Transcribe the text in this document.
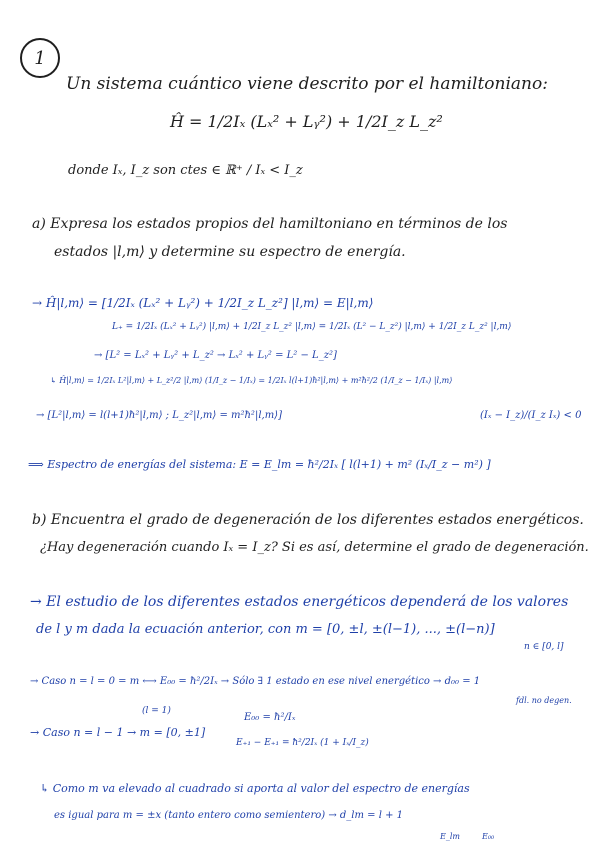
1
Un sistema cuántico viene descrito por el hamiltoniano:
Ĥ = 1/2Iₓ (Lₓ² + Lᵧ²) + 1/2I_z L_z²
donde Iₓ, I_z son ctes ∈ ℝ⁺ / Iₓ < I_z
a) Expresa los estados propios del hamiltoniano en términos de los
estados |l,m⟩ y determine su espectro de energía.
→ Ĥ|l,m⟩ = [1/2Iₓ (Lₓ² + Lᵧ²) + 1/2I_z L_z²] |l,m⟩ = E|l,m⟩
L₊ = 1/2Iₓ (Lₓ² + Lᵧ²) |l,m⟩ + 1/2I_z L_z² |l,m⟩ = 1/2Iₓ (L² − L_z²) |l,m⟩ + 1/2I_z L_z² |l,m⟩
→ [L² = Lₓ² + Lᵧ² + L_z² → Lₓ² + Lᵧ² = L² − L_z²]
↳ Ĥ|l,m⟩ = 1/2Iₓ L²|l,m⟩ + L_z²/2 |l,m⟩ (1/I_z − 1/Iₓ) = 1/2Iₓ l(l+1)ħ²|l,m⟩ + m²ħ²/2 (1/I_z − 1/Iₓ) |l,m⟩
→ [L²|l,m⟩ = l(l+1)ħ²|l,m⟩ ; L_z²|l,m⟩ = m²ħ²|l,m⟩]	(Iₓ − I_z)/(I_z Iₓ) < 0
⟹ Espectro de energías del sistema: E = E_lm = ħ²/2Iₓ [ l(l+1) + m² (Iₓ/I_z − m²) ]
b) Encuentra el grado de degeneración de los diferentes estados energéticos.
¿Hay degeneración cuando Iₓ = I_z? Si es así, determine el grado de degeneración.
→ El estudio de los diferentes estados energéticos dependerá de los valores
de l y m dada la ecuación anterior, con m = [0, ±l, ±(l−1), ..., ±(l−n)]
n ∈ [0, l]
→ Caso n = l = 0 = m ⟷ E₀₀ = ħ²/2Iₓ → Sólo ∃ 1 estado en ese nivel energético → d₀₀ = 1
fdl. no degen.
(l = 1)
→ Caso n = l − 1 → m = [0, ±1]
E₀₀ = ħ²/Iₓ
E₊₁ − E₊₁ = ħ²/2Iₓ (1 + Iₓ/I_z)
↳ Como m va elevado al cuadrado si aporta al valor del espectro de energías
es igual para m = ±x (tanto entero como semientero) → d_lm = l + 1
E_lm	E₀₀
